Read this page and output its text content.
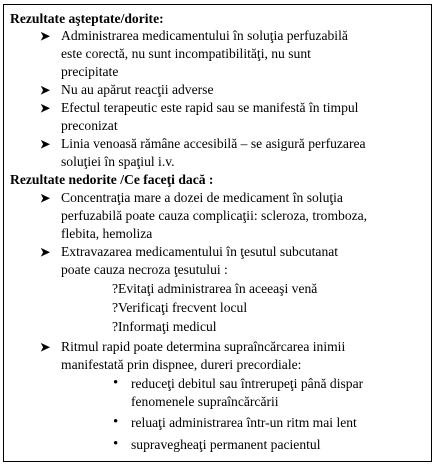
Rezultate aşteptate/dorite:
➤ Administrarea medicamentului în soluţia perfuzabilă
este corectă, nu sunt incompatibilităţi, nu sunt
precipitate
➤ Nu au apărut reacţii adverse
➤ Efectul terapeutic este rapid sau se manifestă în timpul
preconizat
➤ Linia venoasă rămâne accesibilă – se asigură perfuzarea
soluţiei în spaţiul i.v.
Rezultate nedorite /Ce faceţi dacă :
➤ Concentraţia mare a dozei de medicament în soluţia
perfuzabilă poate cauza complicaţii: scleroza, tromboza,
flebita, hemoliza
➤ Extravazarea medicamentului în ţesutul subcutanat
poate cauza necroza ţesutului :
?Evitaţi administrarea în aceeaşi venă
?Verificaţi frecvent locul
?Informaţi medicul
➤ Ritmul rapid poate determina supraîncărcarea inimii
manifestată prin dispnee, dureri precordiale:
• reduceţi debitul sau întrerupeţi până dispar
fenomenele supraîncărcării
• reluaţi administrarea într-un ritm mai lent
• supravegheaţi permanent pacientul
